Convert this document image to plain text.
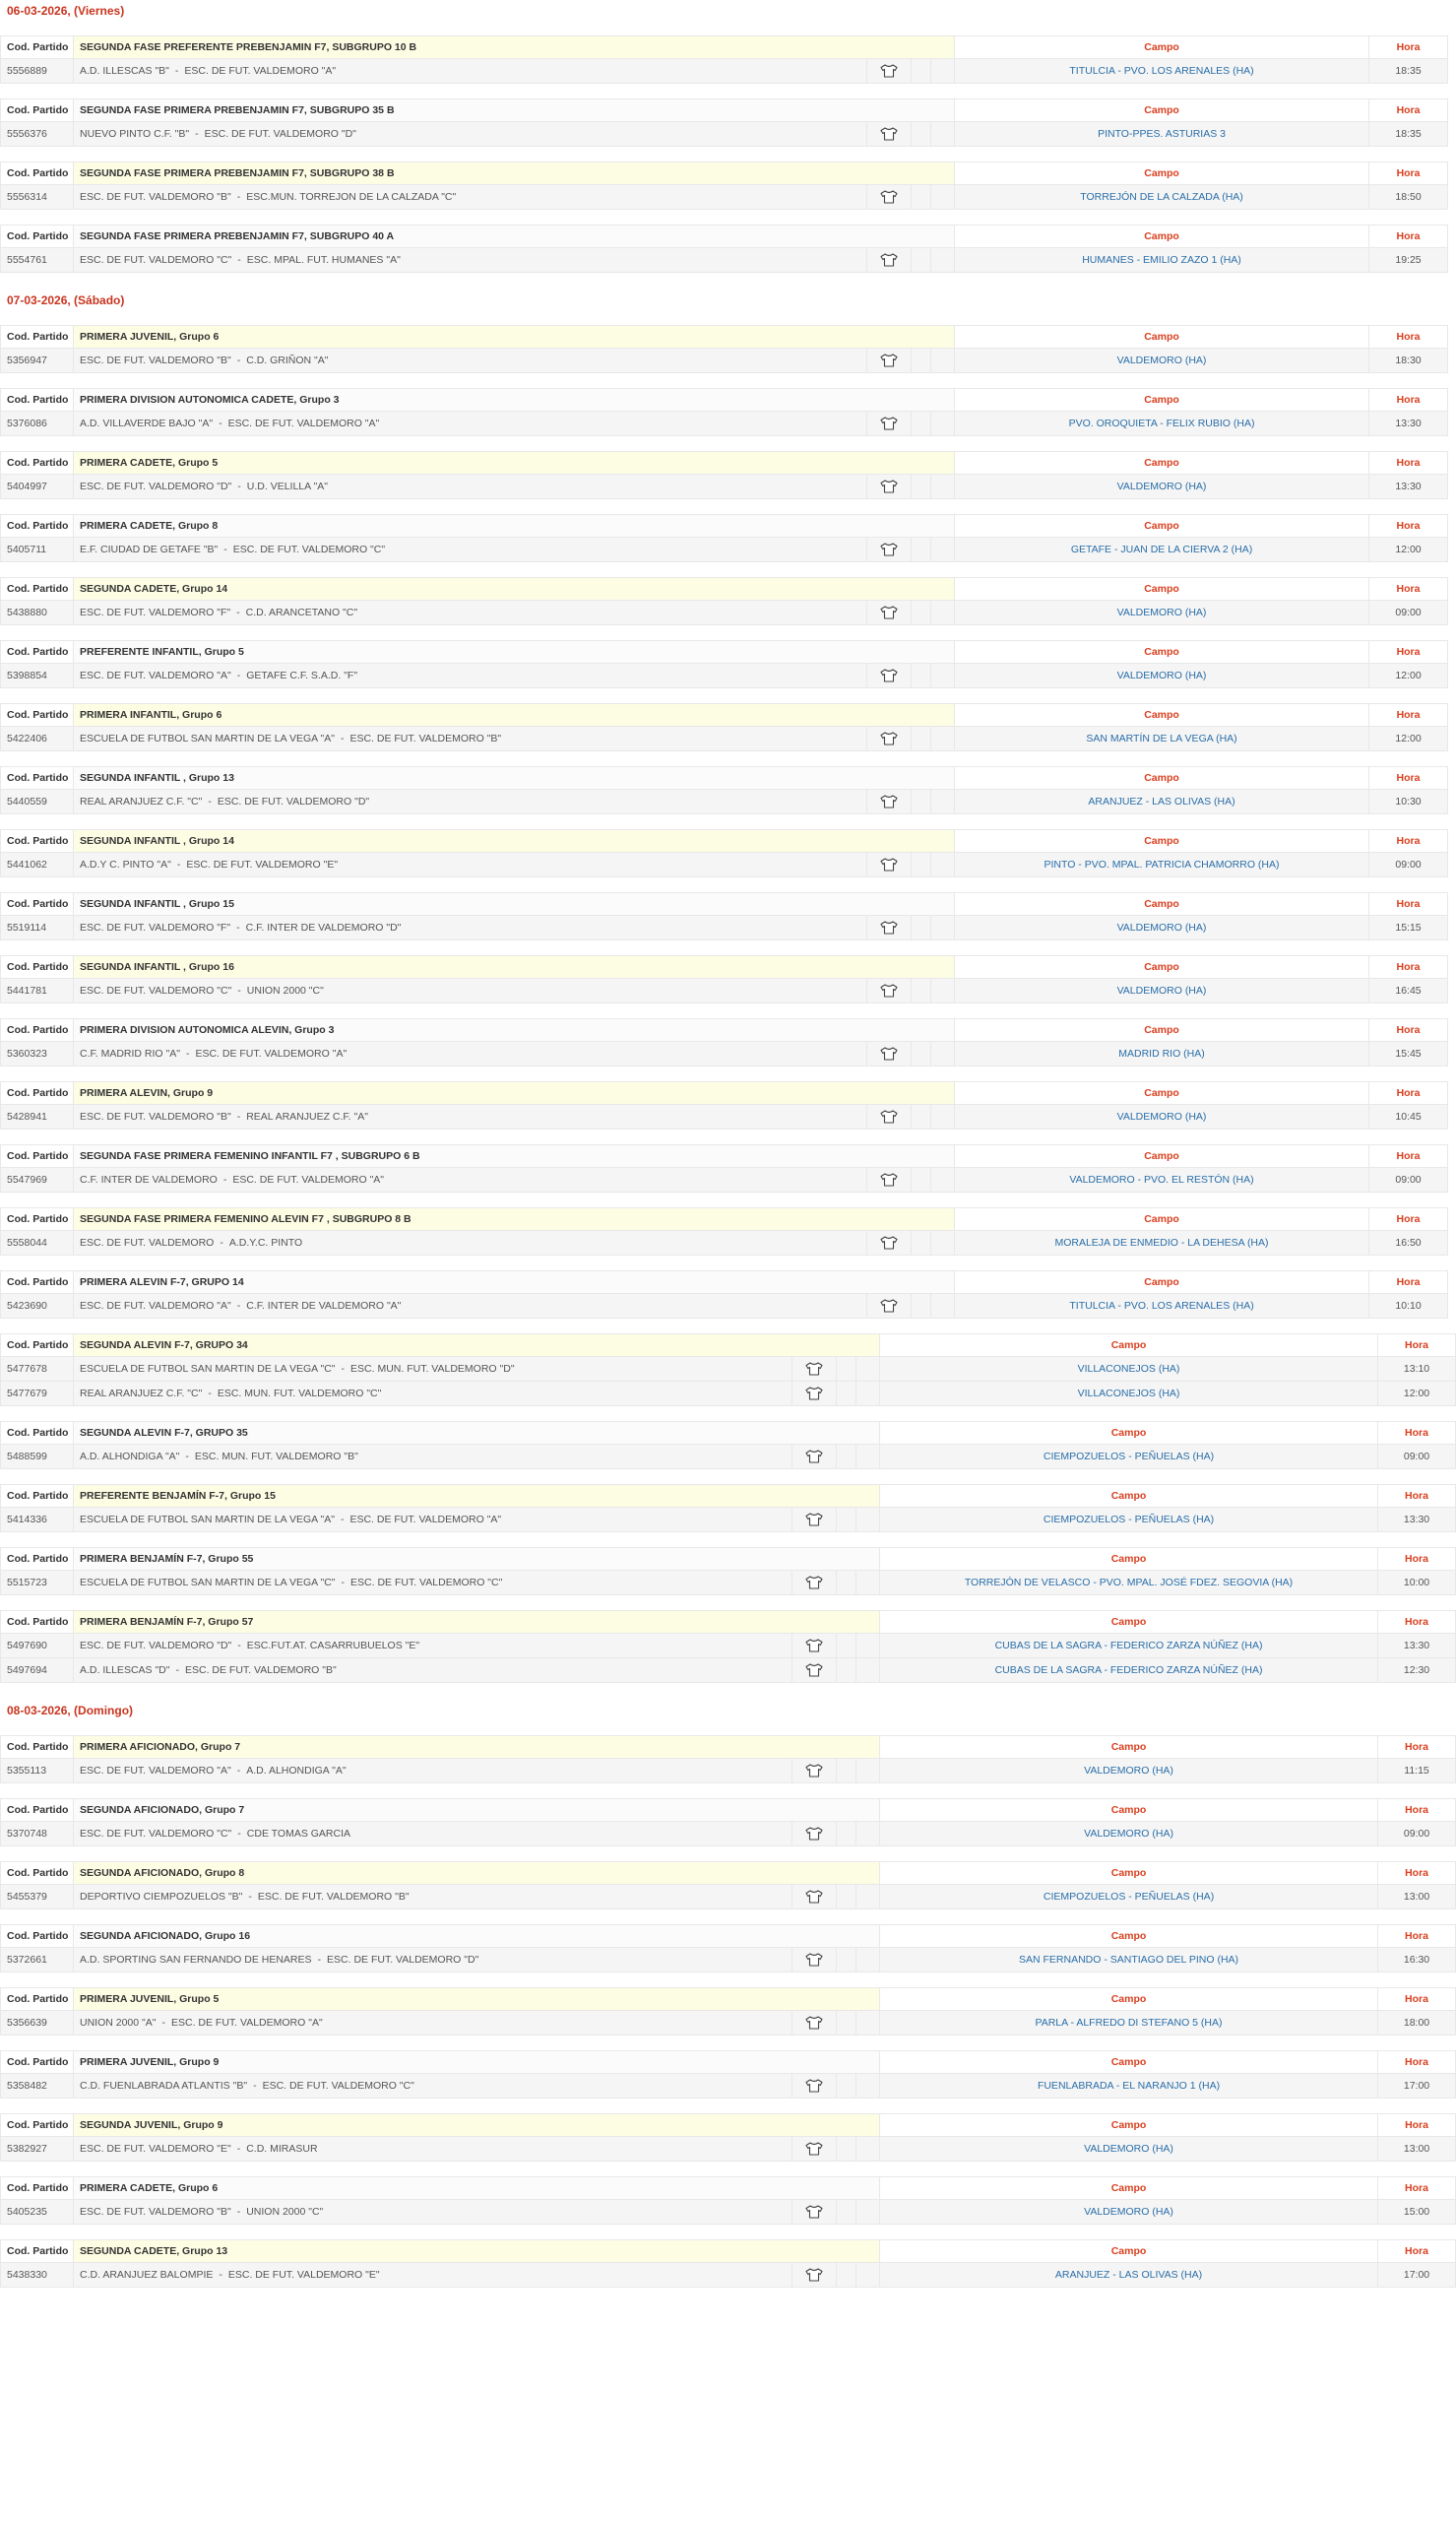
06-03-2026, (Viernes)
Cod. Partido	SEGUNDA FASE PREFERENTE PREBENJAMIN F7, SUBGRUPO 10 B				Campo	Hora
5556889	A.D. ILLESCAS "B" - ESC. DE FUT. VALDEMORO "A"				TITULCIA - PVO. LOS ARENALES (HA)	18:35
Cod. Partido	SEGUNDA FASE PRIMERA PREBENJAMIN F7, SUBGRUPO 35 B				Campo	Hora
5556376	NUEVO PINTO C.F. "B" - ESC. DE FUT. VALDEMORO "D"				PINTO-PPES. ASTURIAS 3	18:35
Cod. Partido	SEGUNDA FASE PRIMERA PREBENJAMIN F7, SUBGRUPO 38 B				Campo	Hora
5556314	ESC. DE FUT. VALDEMORO "B" - ESC.MUN. TORREJON DE LA CALZADA "C"				TORREJÓN DE LA CALZADA (HA)	18:50
Cod. Partido	SEGUNDA FASE PRIMERA PREBENJAMIN F7, SUBGRUPO 40 A				Campo	Hora
5554761	ESC. DE FUT. VALDEMORO "C" - ESC. MPAL. FUT. HUMANES "A"				HUMANES - EMILIO ZAZO 1 (HA)	19:25
07-03-2026, (Sábado)
Cod. Partido	PRIMERA JUVENIL, Grupo 6				Campo	Hora
5356947	ESC. DE FUT. VALDEMORO "B" - C.D. GRIÑON "A"				VALDEMORO (HA)	18:30
Cod. Partido	PRIMERA DIVISION AUTONOMICA CADETE, Grupo 3				Campo	Hora
5376086	A.D. VILLAVERDE BAJO "A" - ESC. DE FUT. VALDEMORO "A"				PVO. OROQUIETA - FELIX RUBIO (HA)	13:30
Cod. Partido	PRIMERA CADETE, Grupo 5				Campo	Hora
5404997	ESC. DE FUT. VALDEMORO "D" - U.D. VELILLA "A"				VALDEMORO (HA)	13:30
Cod. Partido	PRIMERA CADETE, Grupo 8				Campo	Hora
5405711	E.F. CIUDAD DE GETAFE "B" - ESC. DE FUT. VALDEMORO "C"				GETAFE - JUAN DE LA CIERVA 2 (HA)	12:00
Cod. Partido	SEGUNDA CADETE, Grupo 14				Campo	Hora
5438880	ESC. DE FUT. VALDEMORO "F" - C.D. ARANCETANO "C"				VALDEMORO (HA)	09:00
Cod. Partido	PREFERENTE INFANTIL, Grupo 5				Campo	Hora
5398854	ESC. DE FUT. VALDEMORO "A" - GETAFE C.F. S.A.D. "F"				VALDEMORO (HA)	12:00
Cod. Partido	PRIMERA INFANTIL, Grupo 6				Campo	Hora
5422406	ESCUELA DE FUTBOL SAN MARTIN DE LA VEGA "A" - ESC. DE FUT. VALDEMORO "B"				SAN MARTÍN DE LA VEGA (HA)	12:00
Cod. Partido	SEGUNDA INFANTIL , Grupo 13				Campo	Hora
5440559	REAL ARANJUEZ C.F. "C" - ESC. DE FUT. VALDEMORO "D"				ARANJUEZ - LAS OLIVAS (HA)	10:30
Cod. Partido	SEGUNDA INFANTIL , Grupo 14				Campo	Hora
5441062	A.D.Y C. PINTO "A" - ESC. DE FUT. VALDEMORO "E"				PINTO - PVO. MPAL. PATRICIA CHAMORRO (HA)	09:00
Cod. Partido	SEGUNDA INFANTIL , Grupo 15				Campo	Hora
5519114	ESC. DE FUT. VALDEMORO "F" - C.F. INTER DE VALDEMORO "D"				VALDEMORO (HA)	15:15
Cod. Partido	SEGUNDA INFANTIL , Grupo 16				Campo	Hora
5441781	ESC. DE FUT. VALDEMORO "C" - UNION 2000 "C"				VALDEMORO (HA)	16:45
Cod. Partido	PRIMERA DIVISION AUTONOMICA ALEVIN, Grupo 3				Campo	Hora
5360323	C.F. MADRID RIO "A" - ESC. DE FUT. VALDEMORO "A"				MADRID RIO (HA)	15:45
Cod. Partido	PRIMERA ALEVIN, Grupo 9				Campo	Hora
5428941	ESC. DE FUT. VALDEMORO "B" - REAL ARANJUEZ C.F. "A"				VALDEMORO (HA)	10:45
Cod. Partido	SEGUNDA FASE PRIMERA FEMENINO INFANTIL F7 , SUBGRUPO 6 B				Campo	Hora
5547969	C.F. INTER DE VALDEMORO - ESC. DE FUT. VALDEMORO "A"				VALDEMORO - PVO. EL RESTÓN (HA)	09:00
Cod. Partido	SEGUNDA FASE PRIMERA FEMENINO ALEVIN F7 , SUBGRUPO 8 B				Campo	Hora
5558044	ESC. DE FUT. VALDEMORO - A.D.Y.C. PINTO				MORALEJA DE ENMEDIO - LA DEHESA (HA)	16:50
Cod. Partido	PRIMERA ALEVIN F-7, GRUPO 14				Campo	Hora
5423690	ESC. DE FUT. VALDEMORO "A" - C.F. INTER DE VALDEMORO "A"				TITULCIA - PVO. LOS ARENALES (HA)	10:10
Cod. Partido	SEGUNDA ALEVIN F-7, GRUPO 34				Campo	Hora
5477678	ESCUELA DE FUTBOL SAN MARTIN DE LA VEGA "C" - ESC. MUN. FUT. VALDEMORO "D"				VILLACONEJOS (HA)	13:10
5477679	REAL ARANJUEZ C.F. "C" - ESC. MUN. FUT. VALDEMORO "C"				VILLACONEJOS (HA)	12:00
Cod. Partido	SEGUNDA ALEVIN F-7, GRUPO 35				Campo	Hora
5488599	A.D. ALHONDIGA "A" - ESC. MUN. FUT. VALDEMORO "B"				CIEMPOZUELOS - PEÑUELAS (HA)	09:00
Cod. Partido	PREFERENTE BENJAMÍN F-7, Grupo 15				Campo	Hora
5414336	ESCUELA DE FUTBOL SAN MARTIN DE LA VEGA "A" - ESC. DE FUT. VALDEMORO "A"				CIEMPOZUELOS - PEÑUELAS (HA)	13:30
Cod. Partido	PRIMERA BENJAMÍN F-7, Grupo 55				Campo	Hora
5515723	ESCUELA DE FUTBOL SAN MARTIN DE LA VEGA "C" - ESC. DE FUT. VALDEMORO "C"				TORREJÓN DE VELASCO - PVO. MPAL. JOSÉ FDEZ. SEGOVIA (HA)	10:00
Cod. Partido	PRIMERA BENJAMÍN F-7, Grupo 57				Campo	Hora
5497690	ESC. DE FUT. VALDEMORO "D" - ESC.FUT.AT. CASARRUBUELOS "E"				CUBAS DE LA SAGRA - FEDERICO ZARZA NÚÑEZ (HA)	13:30
5497694	A.D. ILLESCAS "D" - ESC. DE FUT. VALDEMORO "B"				CUBAS DE LA SAGRA - FEDERICO ZARZA NÚÑEZ (HA)	12:30
08-03-2026, (Domingo)
Cod. Partido	PRIMERA AFICIONADO, Grupo 7				Campo	Hora
5355113	ESC. DE FUT. VALDEMORO "A" - A.D. ALHONDIGA "A"				VALDEMORO (HA)	11:15
Cod. Partido	SEGUNDA AFICIONADO, Grupo 7				Campo	Hora
5370748	ESC. DE FUT. VALDEMORO "C" - CDE TOMAS GARCIA				VALDEMORO (HA)	09:00
Cod. Partido	SEGUNDA AFICIONADO, Grupo 8				Campo	Hora
5455379	DEPORTIVO CIEMPOZUELOS "B" - ESC. DE FUT. VALDEMORO "B"				CIEMPOZUELOS - PEÑUELAS (HA)	13:00
Cod. Partido	SEGUNDA AFICIONADO, Grupo 16				Campo	Hora
5372661	A.D. SPORTING SAN FERNANDO DE HENARES - ESC. DE FUT. VALDEMORO "D"				SAN FERNANDO - SANTIAGO DEL PINO (HA)	16:30
Cod. Partido	PRIMERA JUVENIL, Grupo 5				Campo	Hora
5356639	UNION 2000 "A" - ESC. DE FUT. VALDEMORO "A"				PARLA - ALFREDO DI STEFANO 5 (HA)	18:00
Cod. Partido	PRIMERA JUVENIL, Grupo 9				Campo	Hora
5358482	C.D. FUENLABRADA ATLANTIS "B" - ESC. DE FUT. VALDEMORO "C"				FUENLABRADA - EL NARANJO 1 (HA)	17:00
Cod. Partido	SEGUNDA JUVENIL, Grupo 9				Campo	Hora
5382927	ESC. DE FUT. VALDEMORO "E" - C.D. MIRASUR				VALDEMORO (HA)	13:00
Cod. Partido	PRIMERA CADETE, Grupo 6				Campo	Hora
5405235	ESC. DE FUT. VALDEMORO "B" - UNION 2000 "C"				VALDEMORO (HA)	15:00
Cod. Partido	SEGUNDA CADETE, Grupo 13				Campo	Hora
5438330	C.D. ARANJUEZ BALOMPIE - ESC. DE FUT. VALDEMORO "E"				ARANJUEZ - LAS OLIVAS (HA)	17:00
